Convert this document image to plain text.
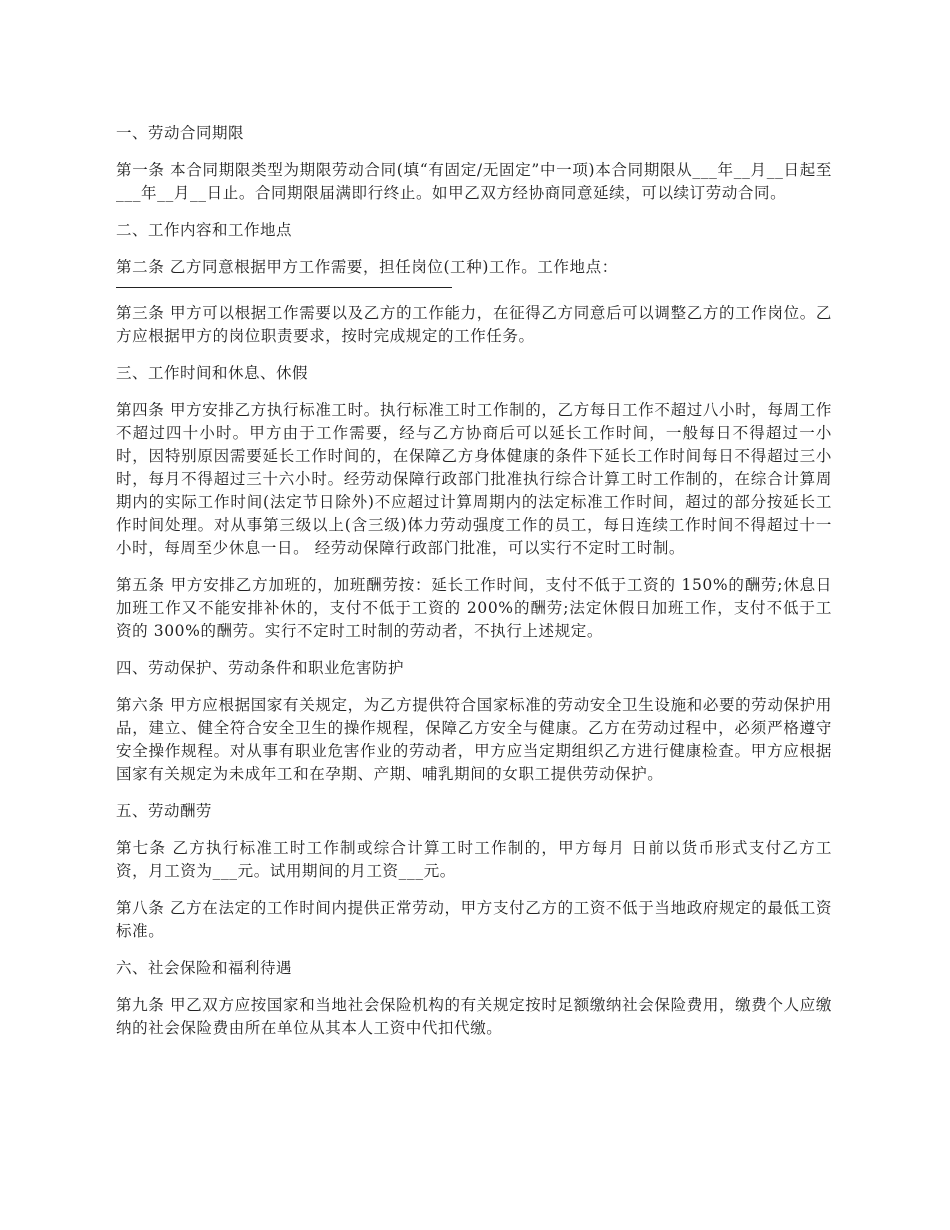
一、劳动合同期限

第一条 本合同期限类型为期限劳动合同(填“有固定/无固定”中一项)本合同期限从___年__月__日起至___年__月__日止。合同期限届满即行终止。如甲乙双方经协商同意延续，可以续订劳动合同。

二、工作内容和工作地点

第二条 乙方同意根据甲方工作需要，担任岗位(工种)工作。工作地点：

第三条 甲方可以根据工作需要以及乙方的工作能力，在征得乙方同意后可以调整乙方的工作岗位。乙方应根据甲方的岗位职责要求，按时完成规定的工作任务。

三、工作时间和休息、休假

第四条 甲方安排乙方执行标准工时。执行标准工时工作制的，乙方每日工作不超过八小时，每周工作不超过四十小时。甲方由于工作需要，经与乙方协商后可以延长工作时间，一般每日不得超过一小时，因特别原因需要延长工作时间的，在保障乙方身体健康的条件下延长工作时间每日不得超过三小时，每月不得超过三十六小时。经劳动保障行政部门批准执行综合计算工时工作制的，在综合计算周期内的实际工作时间(法定节日除外)不应超过计算周期内的法定标准工作时间，超过的部分按延长工作时间处理。对从事第三级以上(含三级)体力劳动强度工作的员工，每日连续工作时间不得超过十一小时，每周至少休息一日。 经劳动保障行政部门批准，可以实行不定时工时制。

第五条 甲方安排乙方加班的，加班酬劳按：延长工作时间，支付不低于工资的 150%的酬劳;休息日加班工作又不能安排补休的，支付不低于工资的 200%的酬劳;法定休假日加班工作，支付不低于工资的 300%的酬劳。实行不定时工时制的劳动者，不执行上述规定。

四、劳动保护、劳动条件和职业危害防护

第六条 甲方应根据国家有关规定，为乙方提供符合国家标准的劳动安全卫生设施和必要的劳动保护用品，建立、健全符合安全卫生的操作规程，保障乙方安全与健康。乙方在劳动过程中，必须严格遵守安全操作规程。对从事有职业危害作业的劳动者，甲方应当定期组织乙方进行健康检查。甲方应根据国家有关规定为未成年工和在孕期、产期、哺乳期间的女职工提供劳动保护。

五、劳动酬劳

第七条 乙方执行标准工时工作制或综合计算工时工作制的，甲方每月 日前以货币形式支付乙方工资，月工资为___元。试用期间的月工资___元。

第八条 乙方在法定的工作时间内提供正常劳动，甲方支付乙方的工资不低于当地政府规定的最低工资标准。

六、社会保险和福利待遇

第九条 甲乙双方应按国家和当地社会保险机构的有关规定按时足额缴纳社会保险费用，缴费个人应缴纳的社会保险费由所在单位从其本人工资中代扣代缴。
